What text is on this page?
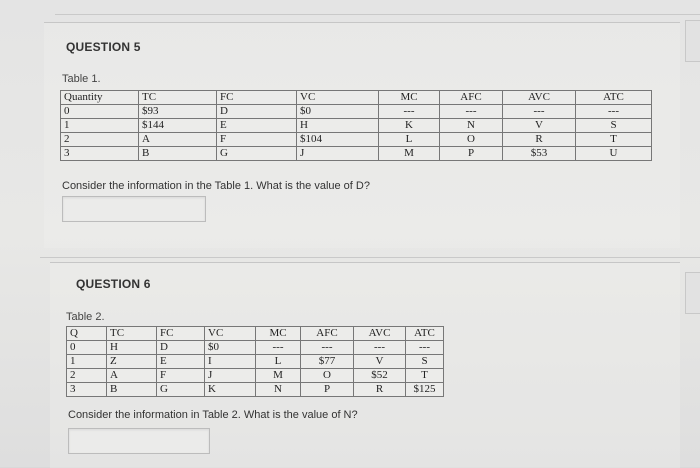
QUESTION 5
Table 1.
Quantity	TC	FC	VC	MC	AFC	AVC	ATC
0	$93	D	$0	---	---	---	---
1	$144	E	H	K	N	V	S
2	A	F	$104	L	O	R	T
3	B	G	J	M	P	$53	U
Consider the information in the Table 1. What is the value of D?
QUESTION 6
Table 2.
Q	TC	FC	VC	MC	AFC	AVC	ATC
0	H	D	$0	---	---	---	---
1	Z	E	I	L	$77	V	S
2	A	F	J	M	O	$52	T
3	B	G	K	N	P	R	$125
Consider the information in Table 2. What is the value of N?
